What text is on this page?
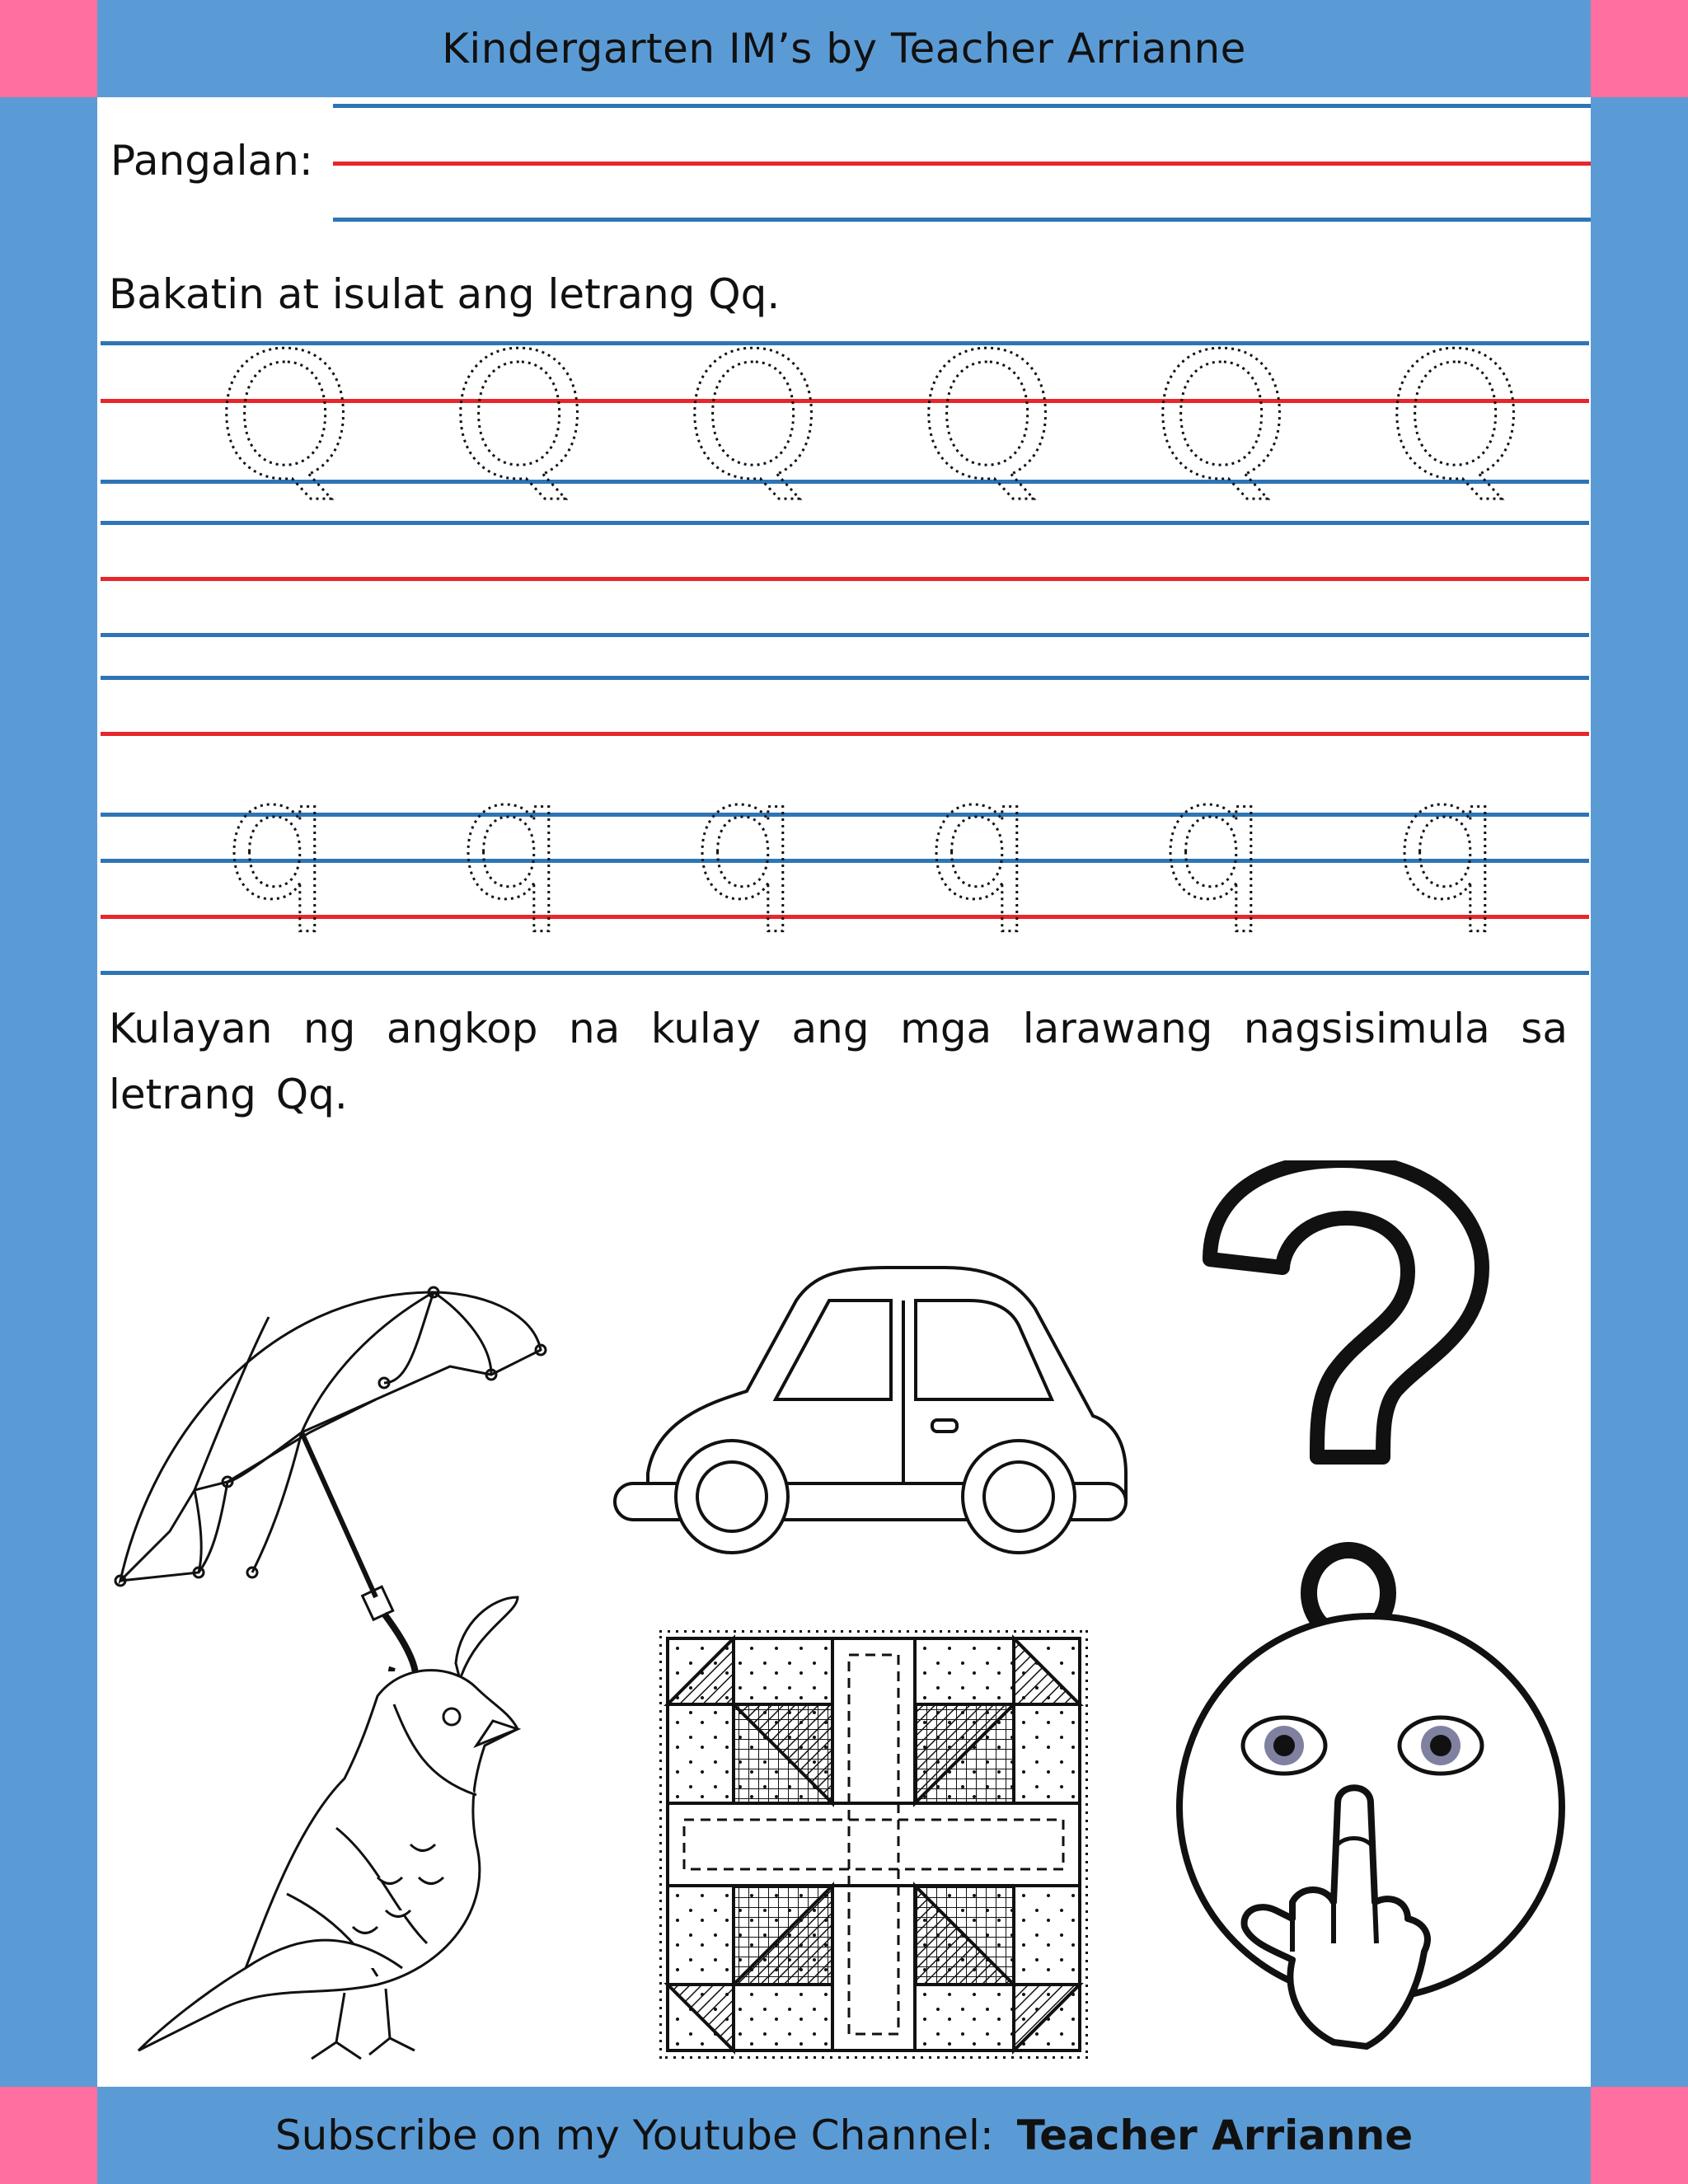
Kindergarten IM’s by Teacher Arrianne
Pangalan:
Bakatin at isulat ang letrang Qq.
Q Q Q Q Q Q
q q q q q q
Kulayan ng angkop na kulay ang mga larawang nagsisimula sa letrang Qq.
Subscribe on my Youtube Channel: Teacher Arrianne
